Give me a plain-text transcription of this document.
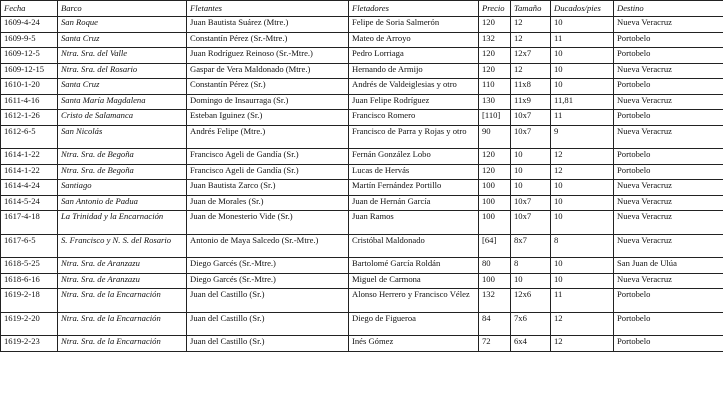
Fecha	Barco	Fletantes	Fletadores	Precio	Tamaño	Ducados/pies	Destino
1609-4-24	San Roque	Juan Bautista Suárez (Mtre.)	Felipe de Soria Salmerón	120	12	10	Nueva Veracruz
1609-9-5	Santa Cruz	Constantín Pérez (Sr.-Mtre.)	Mateo de Arroyo	132	12	11	Portobelo
1609-12-5	Ntra. Sra. del Valle	Juan Rodríguez Reinoso (Sr.-Mtre.)	Pedro Lorriaga	120	12x7	10	Portobelo
1609-12-15	Ntra. Sra. del Rosario	Gaspar de Vera Maldonado (Mtre.)	Hernando de Armijo	120	12	10	Nueva Veracruz
1610-1-20	Santa Cruz	Constantín Pérez (Sr.)	Andrés de Valdeiglesias y otro	110	11x8	10	Portobelo
1611-4-16	Santa María Magdalena	Domingo de Insaurraga (Sr.)	Juan Felipe Rodríguez	130	11x9	11,81	Nueva Veracruz
1612-1-26	Cristo de Salamanca	Esteban Iguinez (Sr.)	Francisco Romero	[110]	10x7	11	Portobelo
1612-6-5	San Nicolás	Andrés Felipe (Mtre.)	Francisco de Parra y Rojas y otro	90	10x7	9	Nueva Veracruz
1614-1-22	Ntra. Sra. de Begoña	Francisco Ageli de Gandía (Sr.)	Fernán González Lobo	120	10	12	Portobelo
1614-1-22	Ntra. Sra. de Begoña	Francisco Ageli de Gandía (Sr.)	Lucas de Hervás	120	10	12	Portobelo
1614-4-24	Santiago	Juan Bautista Zarco (Sr.)	Martín Fernández Portillo	100	10	10	Nueva Veracruz
1614-5-24	San Antonio de Padua	Juan de Morales (Sr.)	Juan de Hernán García	100	10x7	10	Nueva Veracruz
1617-4-18	La Trinidad y la Encarnación	Juan de Monesterio Vide (Sr.)	Juan Ramos	100	10x7	10	Nueva Veracruz
1617-6-5	S. Francisco y N. S. del Rosario	Antonio de Maya Salcedo (Sr.-Mtre.)	Cristóbal Maldonado	[64]	8x7	8	Nueva Veracruz
1618-5-25	Ntra. Sra. de Aranzazu	Diego Garcés (Sr.-Mtre.)	Bartolomé García Roldán	80	8	10	San Juan de Ulúa
1618-6-16	Ntra. Sra. de Aranzazu	Diego Garcés (Sr.-Mtre.)	Miguel de Carmona	100	10	10	Nueva Veracruz
1619-2-18	Ntra. Sra. de la Encarnación	Juan del Castillo (Sr.)	Alonso Herrero y Francisco Vélez	132	12x6	11	Portobelo
1619-2-20	Ntra. Sra. de la Encarnación	Juan del Castillo (Sr.)	Diego de Figueroa	84	7x6	12	Portobelo
1619-2-23	Ntra. Sra. de la Encarnación	Juan del Castillo (Sr.)	Inés Gómez	72	6x4	12	Portobelo
